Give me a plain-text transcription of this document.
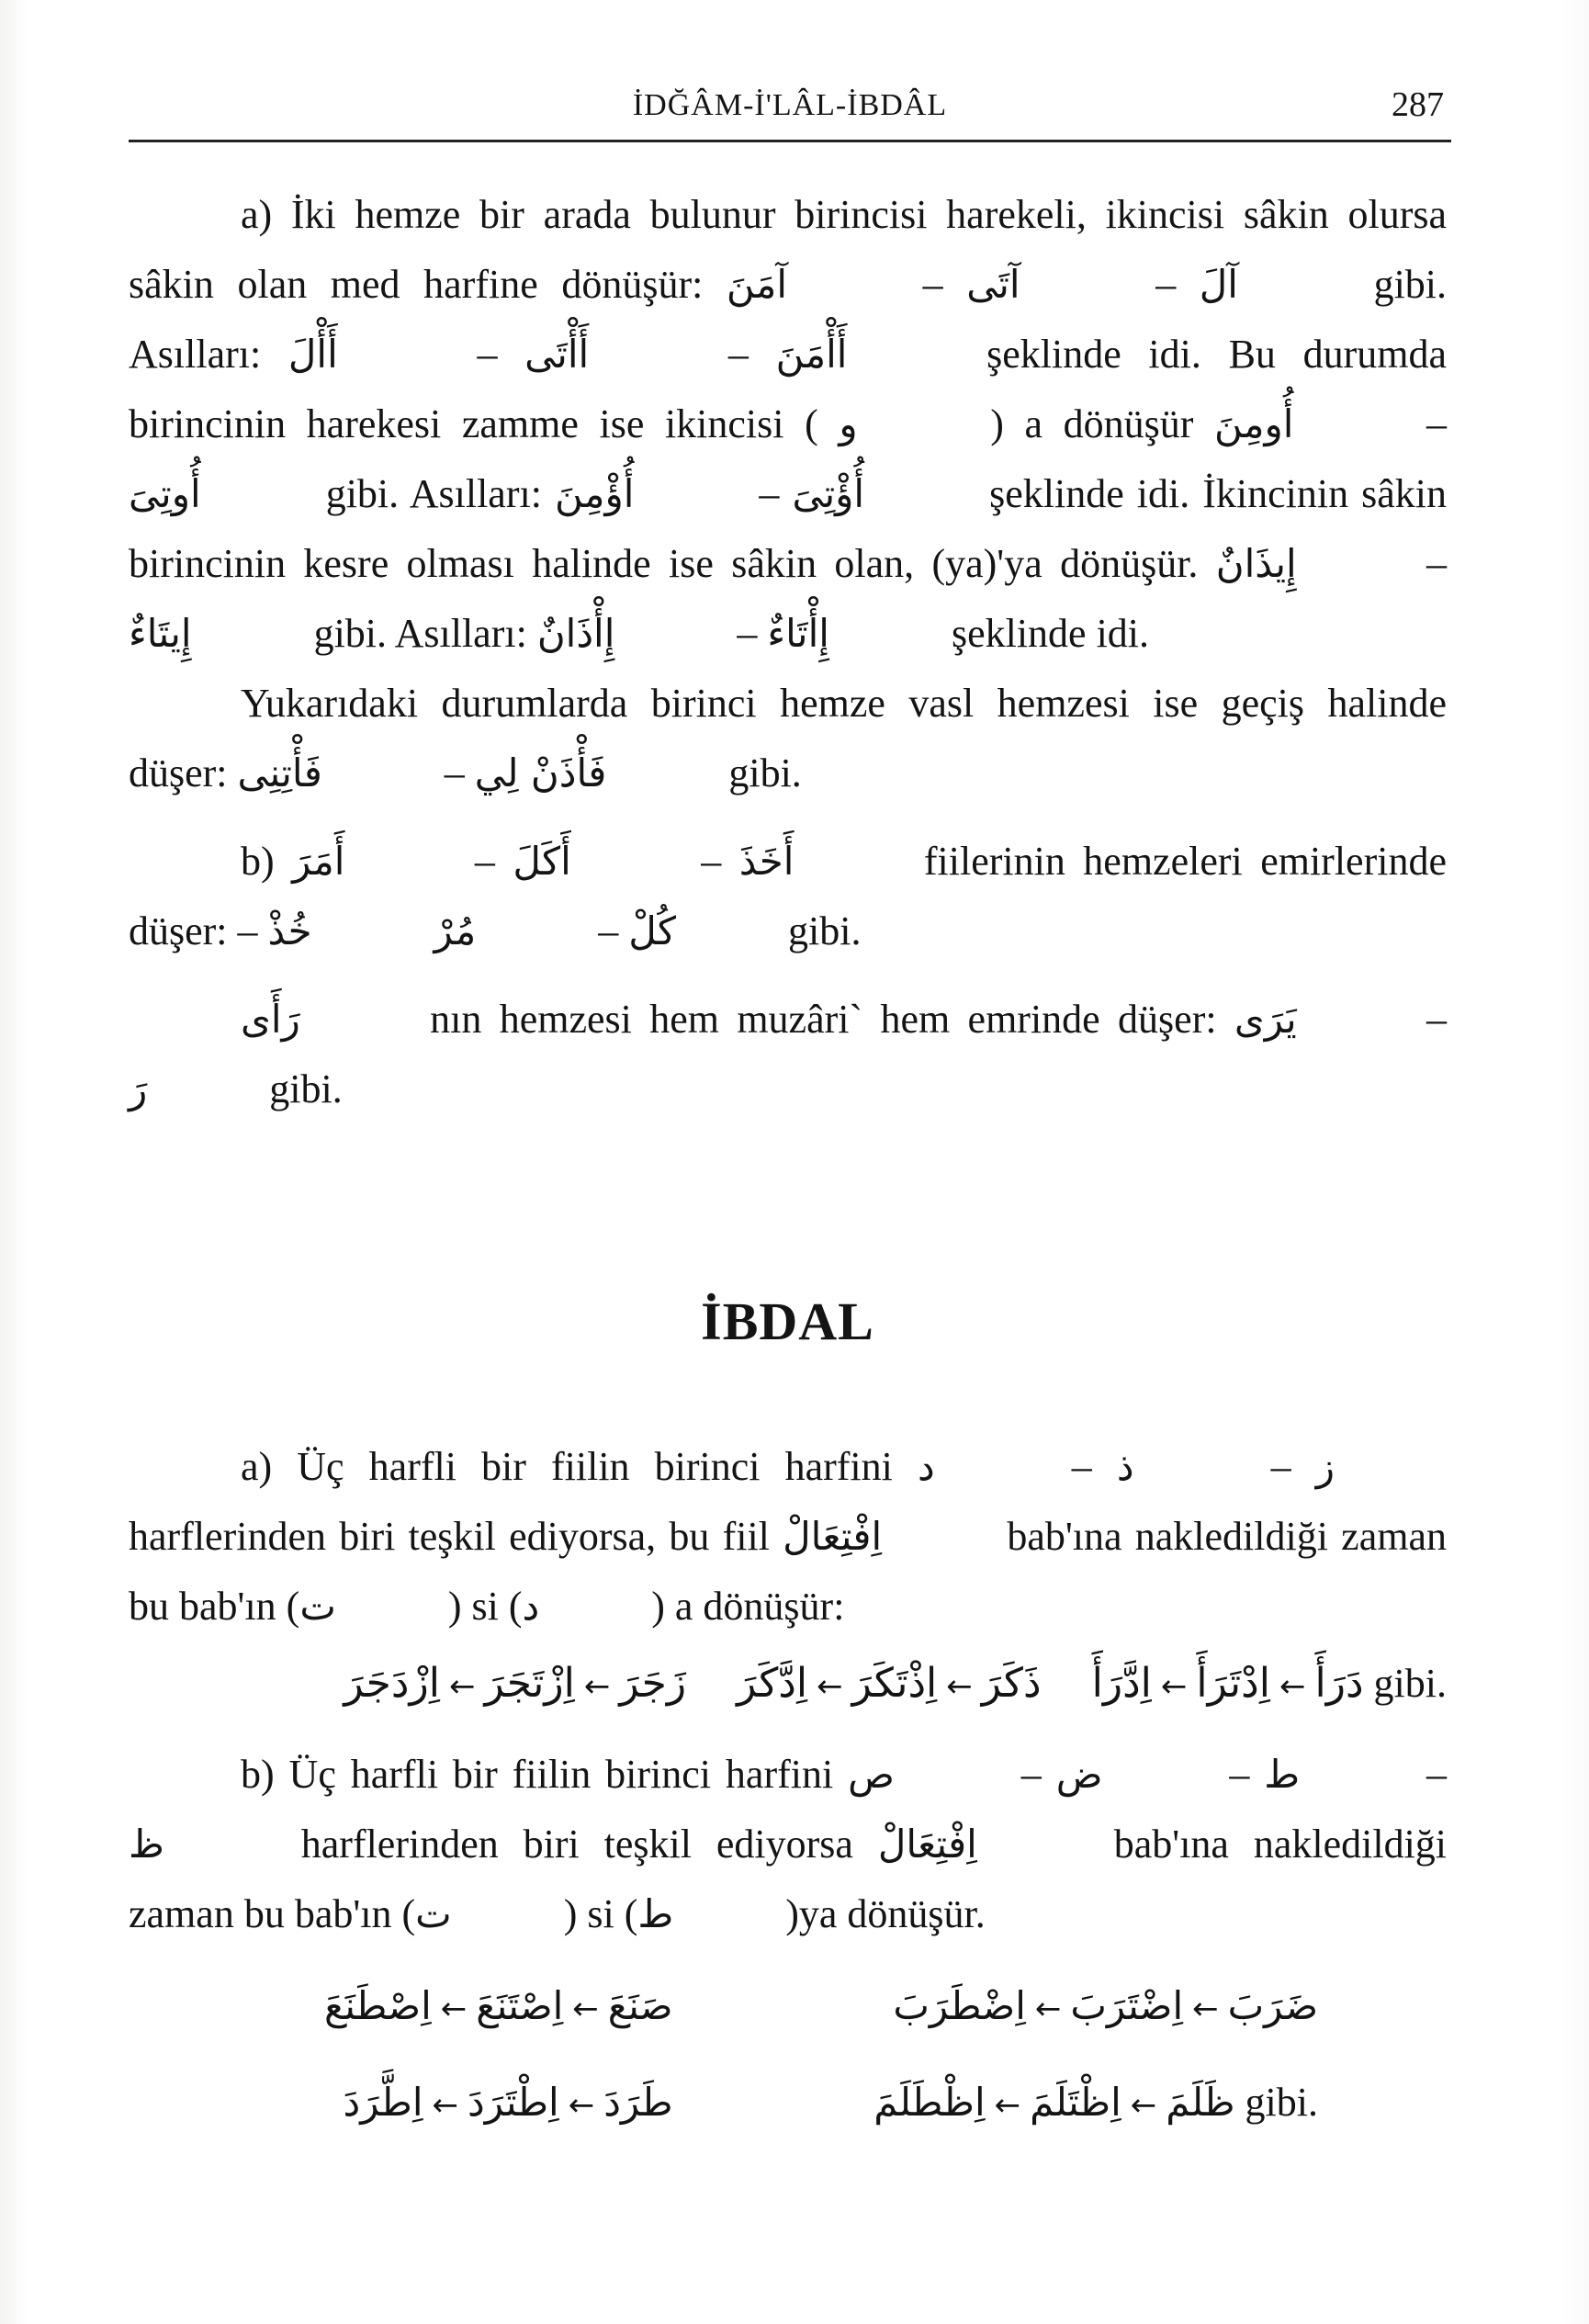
İDĞÂM-İ'LÂL-İBDÂL	287

a) İki hemze bir arada bulunur birincisi harekeli, ikincisi sâkin olursa sâkin olan med harfine dönüşür: آمَنَ	– آتَى	– آلَ	gibi. Asılları: أَأْلَ	– أَأْتَى	– أَأْمَنَ	şeklinde idi. Bu durumda birincinin harekesi zamme ise ikincisi ( و	) a dönüşür أُومِنَ	– أُوتِىَ	gibi. Asılları: أُؤْمِنَ	– أُؤْتِىَ	şeklinde idi. İkincinin sâkin birincinin kesre olması halinde ise sâkin olan, (ya)'ya dönüşür. إِيذَانٌ	– إِيتَاءٌ	gibi. Asılları: إِأْذَانٌ	– إِأْتَاءٌ	şeklinde idi.

Yukarıdaki durumlarda birinci hemze vasl hemzesi ise geçiş halinde düşer: فَأْتِنِى	– فَأْذَنْ لِي	gibi.

b) أَمَرَ	– أَكَلَ	– أَخَذَ	fiilerinin hemzeleri emirlerinde düşer: – خُذْ	مُرْ	– كُلْ	gibi.

رَأَى	nın hemzesi hem muzâri` hem emrinde düşer: يَرَى	– رَ	gibi.

İBDAL

a) Üç harfli bir fiilin birinci harfini د	– ذ	– ز harflerinden biri teşkil ediyorsa, bu fiil اِفْتِعَالْ	bab'ına nakledildiği zaman bu bab'ın (ت	) si (د	) a dönüşür:

اِزْدَجَرَ ← اِزْتَجَرَ ← زَجَرَ اِدَّكَرَ ← اِذْتَكَرَ ← ذَكَرَ اِدَّرَأَ ← اِدْتَرَأَ ← دَرَأَ gibi.

b) Üç harfli bir fiilin birinci harfini ص	– ض	– ط	– ظ	harflerinden biri teşkil ediyorsa اِفْتِعَالْ	bab'ına nakledildiği zaman bu bab'ın (ت	) si (ط	)ya dönüşür.

اِصْطَنَعَ ← اِصْتَنَعَ ← صَنَعَ	اِضْطَرَبَ ← اِضْتَرَبَ ← ضَرَبَ
اِطَّرَدَ ← اِطْتَرَدَ ← طَرَدَ	اِظْطَلَمَ ← اِظْتَلَمَ ← ظَلَمَ gibi.
